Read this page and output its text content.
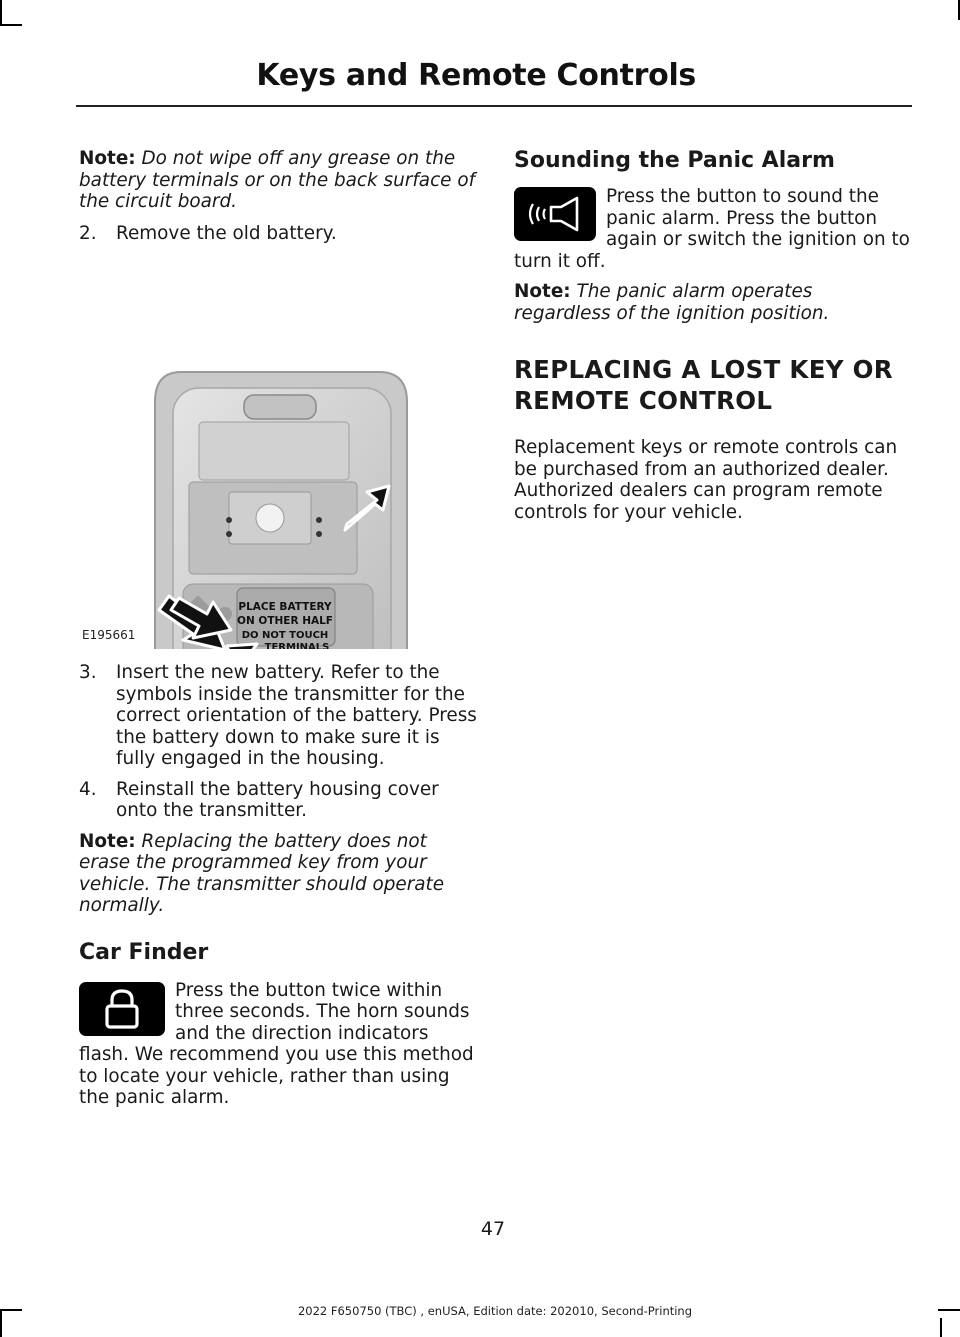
Keys and Remote Controls

Note: Do not wipe off any grease on the battery terminals or on the back surface of the circuit board.

2. Remove the old battery.

PLACE BATTERY
ON OTHER HALF
DO NOT TOUCH
TERMINALS
E195661

3. Insert the new battery. Refer to the symbols inside the transmitter for the correct orientation of the battery. Press the battery down to make sure it is fully engaged in the housing.

4. Reinstall the battery housing cover onto the transmitter.

Note: Replacing the battery does not erase the programmed key from your vehicle. The transmitter should operate normally.

Car Finder

Press the button twice within three seconds. The horn sounds and the direction indicators flash. We recommend you use this method to locate your vehicle, rather than using the panic alarm.

Sounding the Panic Alarm

Press the button to sound the panic alarm. Press the button again or switch the ignition on to turn it off.

Note: The panic alarm operates regardless of the ignition position.

REPLACING A LOST KEY OR
REMOTE CONTROL

Replacement keys or remote controls can be purchased from an authorized dealer. Authorized dealers can program remote controls for your vehicle.

47
2022 F650750 (TBC) , enUSA, Edition date: 202010, Second-Printing
